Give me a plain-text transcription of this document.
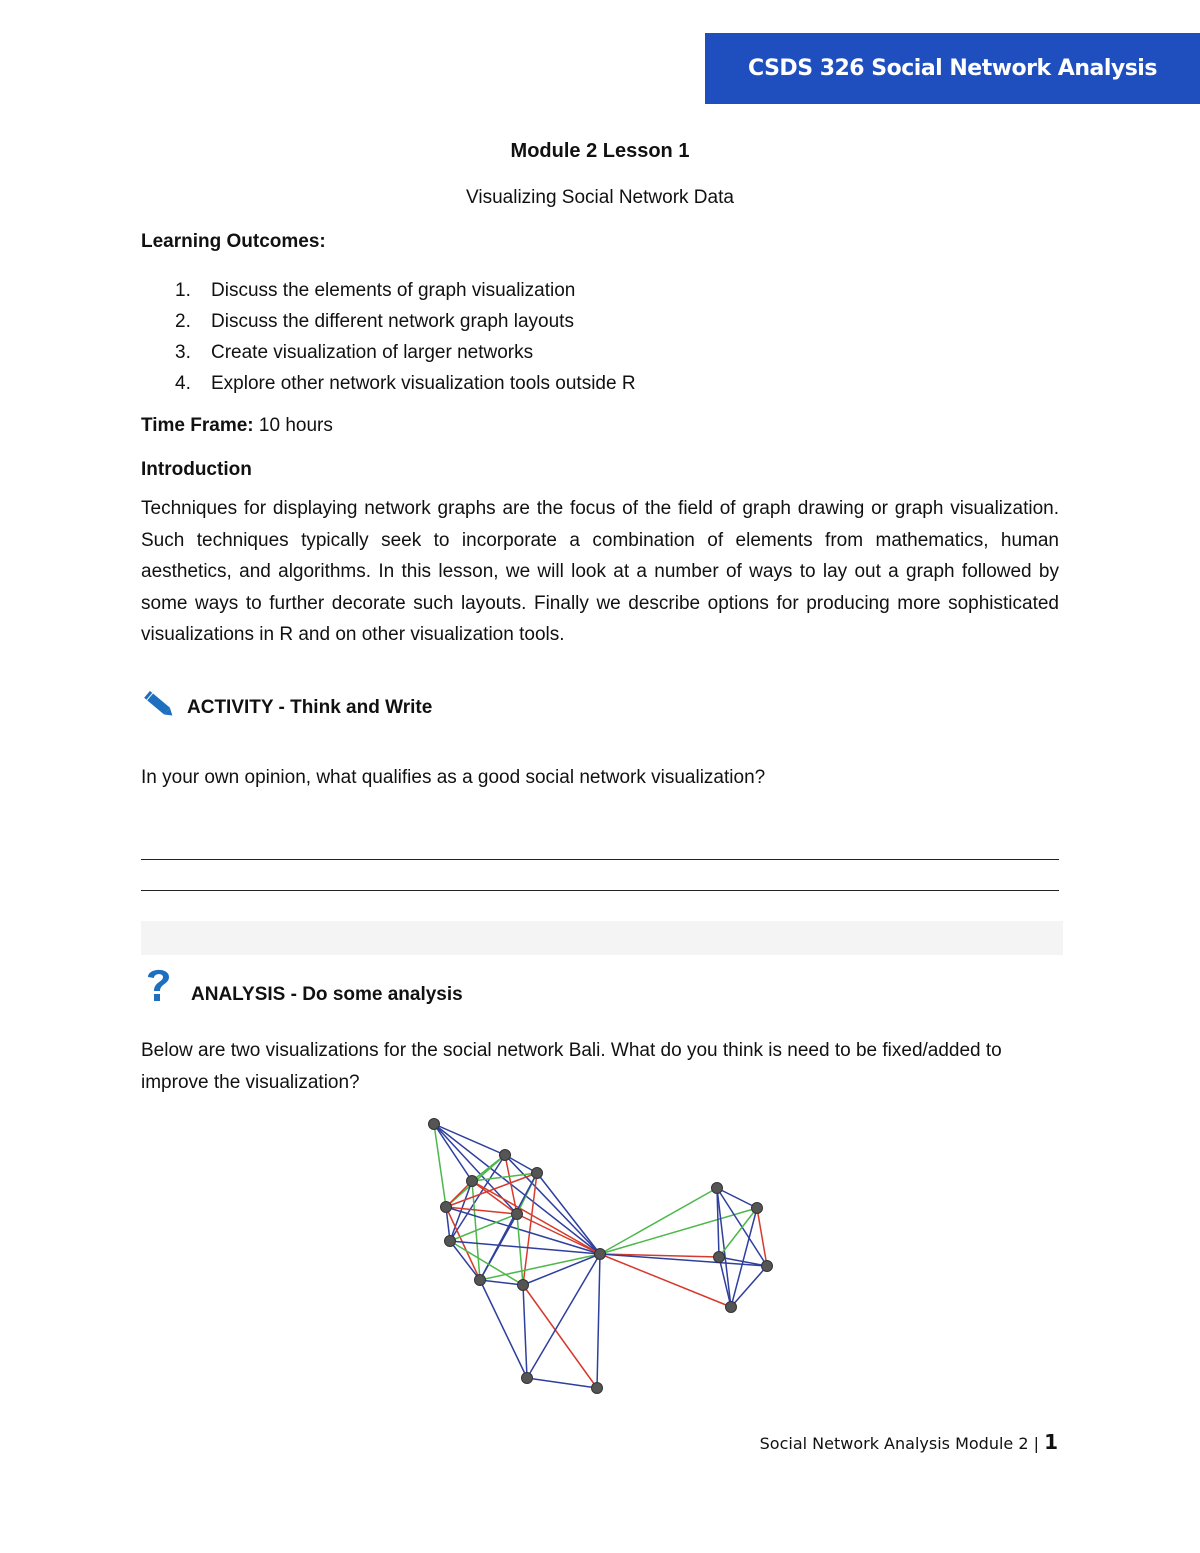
CSDS 326 Social Network Analysis

Module 2 Lesson 1

Visualizing Social Network Data

Learning Outcomes:

1. Discuss the elements of graph visualization
2. Discuss the different network graph layouts
3. Create visualization of larger networks
4. Explore other network visualization tools outside R

Time Frame: 10 hours

Introduction

Techniques for displaying network graphs are the focus of the field of graph drawing or graph visualization. Such techniques typically seek to incorporate a combination of elements from mathematics, human aesthetics, and algorithms. In this lesson, we will look at a number of ways to lay out a graph followed by some ways to further decorate such layouts. Finally we describe options for producing more sophisticated visualizations in R and on other visualization tools.

ACTIVITY - Think and Write

In your own opinion, what qualifies as a good social network visualization?

ANALYSIS - Do some analysis
Below are two visualizations for the social network Bali. What do you think is need to be fixed/added to improve the visualization?
Social Network Analysis Module 2 | 1
